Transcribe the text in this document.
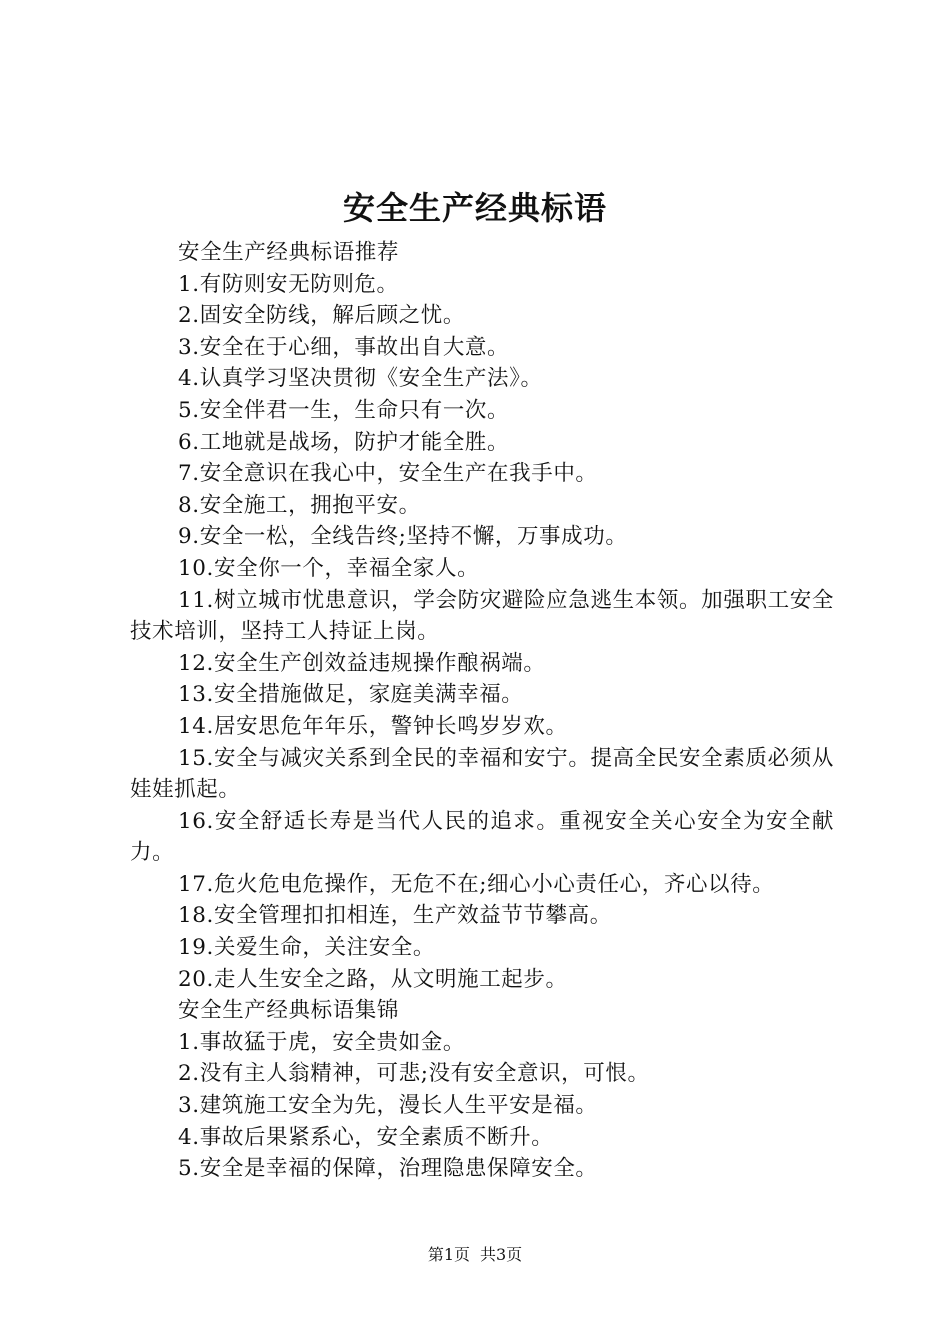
安全生产经典标语

安全生产经典标语推荐

1.有防则安无防则危。

2.固安全防线，解后顾之忧。

3.安全在于心细，事故出自大意。

4.认真学习坚决贯彻《安全生产法》。

5.安全伴君一生，生命只有一次。

6.工地就是战场，防护才能全胜。

7.安全意识在我心中，安全生产在我手中。

8.安全施工，拥抱平安。

9.安全一松，全线告终;坚持不懈，万事成功。

10.安全你一个，幸福全家人。

11.树立城市忧患意识，学会防灾避险应急逃生本领。加强职工安全技术培训，坚持工人持证上岗。

12.安全生产创效益违规操作酿祸端。

13.安全措施做足，家庭美满幸福。

14.居安思危年年乐，警钟长鸣岁岁欢。

15.安全与减灾关系到全民的幸福和安宁。提高全民安全素质必须从娃娃抓起。

16.安全舒适长寿是当代人民的追求。重视安全关心安全为安全献力。

17.危火危电危操作，无危不在;细心小心责任心，齐心以待。

18.安全管理扣扣相连，生产效益节节攀高。

19.关爱生命，关注安全。

20.走人生安全之路，从文明施工起步。

安全生产经典标语集锦

1.事故猛于虎，安全贵如金。

2.没有主人翁精神，可悲;没有安全意识，可恨。

3.建筑施工安全为先，漫长人生平安是福。

4.事故后果紧系心，安全素质不断升。

5.安全是幸福的保障，治理隐患保障安全。

第1页 共3页
